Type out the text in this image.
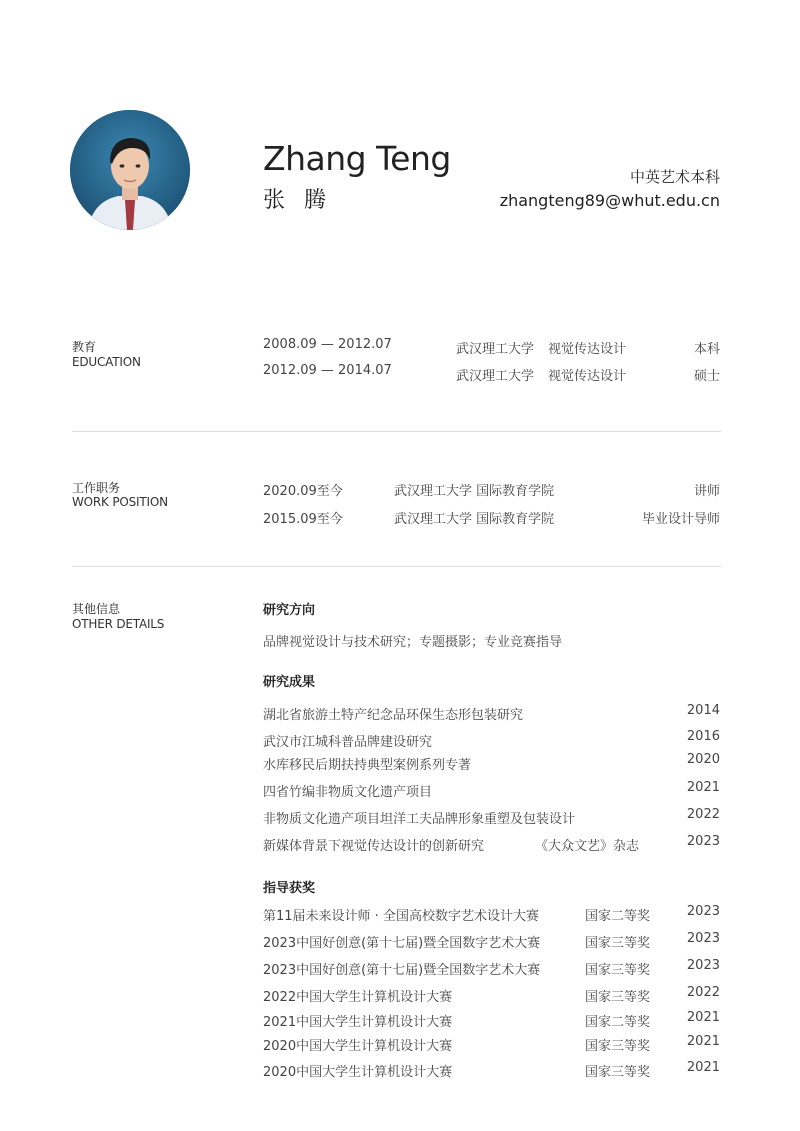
Zhang Teng
张 腾
中英艺术本科
zhangteng89@whut.edu.cn
教育
EDUCATION
2008.09 — 2012.07	武汉理工大学 视觉传达设计	本科
2012.09 — 2014.07	武汉理工大学 视觉传达设计	硕士
工作职务
WORK POSITION
2020.09至今	武汉理工大学 国际教育学院	讲师
2015.09至今	武汉理工大学 国际教育学院	毕业设计导师
其他信息
OTHER DETAILS
研究方向
品牌视觉设计与技术研究；专题摄影；专业竞赛指导
研究成果
湖北省旅游土特产纪念品环保生态形包装研究	2014
武汉市江城科普品牌建设研究	2016
水库移民后期扶持典型案例系列专著	2020
四省竹编非物质文化遗产项目	2021
非物质文化遗产项目坦洋工夫品牌形象重塑及包装设计	2022
新媒体背景下视觉传达设计的创新研究	《大众文艺》杂志	2023
指导获奖
第11届未来设计师 · 全国高校数字艺术设计大赛	国家二等奖	2023
2023中国好创意(第十七届)暨全国数字艺术大赛	国家三等奖	2023
2023中国好创意(第十七届)暨全国数字艺术大赛	国家三等奖	2023
2022中国大学生计算机设计大赛	国家三等奖	2022
2021中国大学生计算机设计大赛	国家二等奖	2021
2020中国大学生计算机设计大赛	国家三等奖	2021
2020中国大学生计算机设计大赛	国家三等奖	2021
